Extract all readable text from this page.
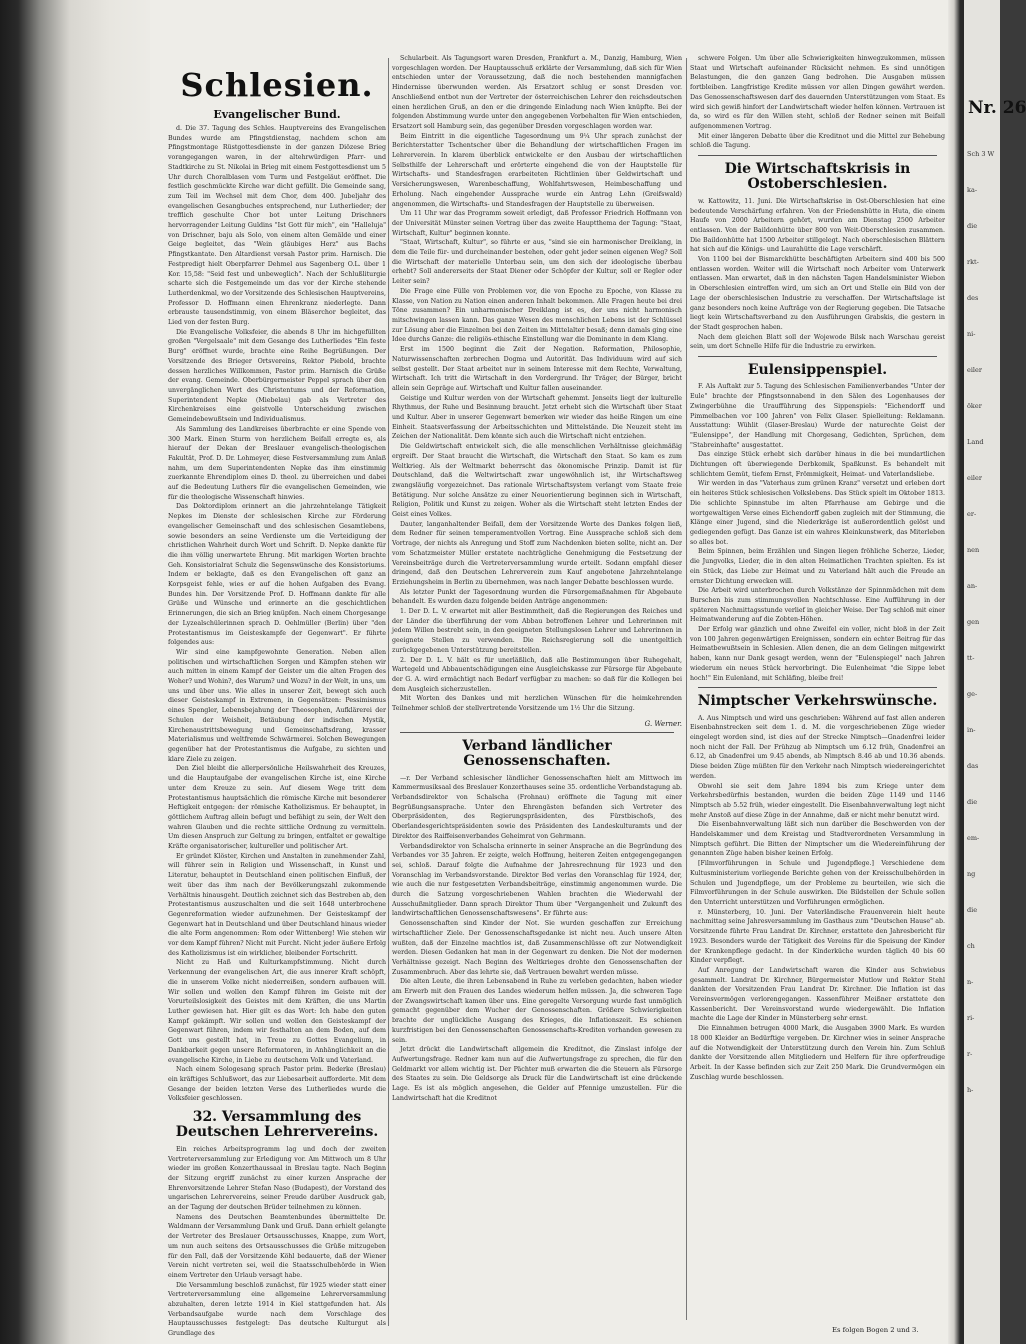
Nr. 26
Sch 3 W
ka-
die
rkt-
des
ni-
eiler
öker
Land
eiler
er-
nen
an-
gen
tt-
ge-
in-
das
die
em-
ng
die
ch
n-
ri-
r-
h-
Schlesien.
Evangelischer Bund.

d. Die 37. Tagung des Schles. Hauptvereins des Evangelischen Bundes wurde am Pfingstdienstag, nachdem schon am Pfingstmontage Rüstgottesdienste in der ganzen Diözese Brieg vorangegangen waren, in der altehrwürdigen Pfarr- und Stadtkirche zu St. Nikolai in Brieg mit einem Festgottesdienst um 5 Uhr durch Choralblasen vom Turm und Festgeläut eröffnet. Die festlich geschmückte Kirche war dicht gefüllt. Die Gemeinde sang, zum Teil im Wechsel mit dem Chor, dem 400. Jubeljahr des evangelischen Gesangbuches entsprechend, nur Lutherlieder; der trefflich geschulte Chor bot unter Leitung Drischners hervorragender Leitung Guldins "Ist Gott für mich", ein "Halleluja" von Drischner, baju als Solo, von einem alten Gemälde und einer Geige begleitet, das "Wein gläubiges Herz" aus Bachs Pfingstkantate. Den Altardienst versah Pastor prim. Harnisch. Die Festpredigt hielt Oberpfarrer Dehmel aus Sagenberg O.L. über 1 Kor. 15,58: "Seid fest und unbeweglich". Nach der Schlußliturgie scharte sich die Festgemeinde um das vor der Kirche stehende Lutherdenkmal, wo der Vorsitzende des Schlesischen Hauptvereins, Professor D. Hoffmann einen Ehrenkranz niederlegte. Dann erbrauste tausendstimmig, von einem Bläserchor begleitet, das Lied von der festen Burg.

Die Evangelische Volksfeier, die abends 8 Uhr im hichgefüllten großen "Vergelsaale" mit dem Gesange des Lutherliedes "Ein feste Burg" eröffnet wurde, brachte eine Reihe Begrüßungen. Der Vorsitzende des Brieger Ortsvereins, Rektor Piebold, brachte dessen herzliches Willkommen, Pastor prim. Harnisch die Grüße der evang. Gemeinde. Oberbürgermeister Peppel sprach über den unvergänglichen Wert des Christentums und der Reformation, Superintendent Nepke (Miebelau) gab als Vertreter des Kirchenkreises eine geistvolle Unterscheidung zwischen Gemeindebewußtsein und Individualismus.

Als Sammlung des Landkreises überbrachte er eine Spende von 300 Mark. Einen Sturm von herzlichem Beifall erregte es, als hierauf der Dekan der Breslauer evangelisch-theologischen Fakultät, Prof. D. Dr. Lohmeyer, diese Festversammlung zum Anlaß nahm, um dem Superintendenten Nepke das ihm einstimmig zuerkannte Ehrendiplom eines D. theol. zu überreichen und dabei auf die Bedeutung Luthers für die evangelischen Gemeinden, wie für die theologische Wissenschaft hinwies.

Das Doktordiplom erinnert an die jahrzehntelange Tätigkeit Nepkes im Dienste der schlesischen Kirche zur Förderung evangelischer Gemeinschaft und des schlesischen Gesamtlebens, sowie besonders an seine Verdienste um die Verteidigung der christlichen Wahrheit durch Wort und Schrift. D. Nepke dankte für die ihm völlig unerwartete Ehrung. Mit markigen Worten brachte Geh. Konsistorialrat Schulz die Segenswünsche des Konsistoriums. Indem er beklagte, daß es den Evangelischen oft ganz an Korpsgeist fehle, wies er auf die hohen Aufgaben des Evang. Bundes hin. Der Vorsitzende Prof. D. Hoffmann dankte für alle Grüße und Wünsche und erinnerte an die geschichtlichen Erinnerungen, die sich an Brieg knüpfen. Nach einem Chorgesange der Lyzealschülerinnen sprach D. Oehlmüller (Berlin) über "den Protestantismus im Geisteskampfe der Gegenwart". Er führte folgendes aus:

Wir sind eine kampfgewohnte Generation. Neben allen politischen und wirtschaftlichen Sorgen und Kämpfen stehen wir auch mitten in einem Kampf der Geister um die alten Fragen des Woher? und Wohin?, des Warum? und Wozu? in der Welt, in uns, um uns und über uns. Wie alles in unserer Zeit, bewegt sich auch dieser Geisteskampf in Extremen, in Gegensätzen: Pessimismus eines Spengler, Lebensbejahung der Theosophen, Aufklärerei der Schulen der Weisheit, Betäubung der indischen Mystik, Kirchenaustrittsbewegung und Gemeinschaftsdrang, krasser Materialismus und weltfremde Schwärmerei. Solchen Bewegungen gegenüber hat der Protestantismus die Aufgabe, zu sichten und klare Ziele zu zeigen.

Den Ziel bleibt die allerpersönliche Heilswahrheit des Kreuzes, und die Hauptaufgabe der evangelischen Kirche ist, eine Kirche unter dem Kreuze zu sein. Auf diesem Wege tritt dem Protestantismus hauptsächlich die römische Kirche mit besonderer Heftigkeit entgegen: der römische Katholizismus. Er behauptet, in göttlichem Auftrag allein befugt und befähigt zu sein, der Welt den wahren Glauben und die rechte sittliche Ordnung zu vermitteln. Um diesen Anspruch zur Geltung zu bringen, entfaltet er gewaltige Kräfte organisatorischer, kultureller und politischer Art.

Er gründet Klöster, Kirchen und Anstalten in zunehmender Zahl, will führer sein in Religion und Wissenschaft, in Kunst und Literatur, behauptet in Deutschland einen politischen Einfluß, der weit über das ihm nach der Bevölkerungszahl zukommende Verhältnis hinausgeht. Deutlich zeichnet sich das Bestreben ab, den Protestantismus auszuschalten und die seit 1648 unterbrochene Gegenreformation wieder aufzunehmen. Der Geisteskampf der Gegenwart hat in Deutschland und über Deutschland hinaus wieder die alte Form angenommen: Rom oder Wittenberg! Wie stehen wir vor dem Kampf führen? Nicht mit Furcht. Nicht jeder äußere Erfolg des Katholizismus ist ein wirklicher, bleibender Fortschritt.

Nicht zu Haß und Kulturkampfstimmung. Nicht durch Verkennung der evangelischen Art, die aus innerer Kraft schöpft, die in unserem Volke nicht niederreißen, sondern aufbauen will. Wir sollen und wollen den Kampf führen im Geiste mit der Vorurteilslosigkeit des Geistes mit dem Kräften, die uns Martin Luther gewiesen hat. Hier gilt es das Wort: Ich habe den guten Kampf gekämpft. Wir sollen und wollen den Geisteskampf der Gegenwart führen, indem wir festhalten an dem Boden, auf dem Gott uns gestellt hat, in Treue zu Gottes Evangelium, in Dankbarkeit gegen unsere Reformatoren, in Anhänglichkeit an die evangelische Kirche, in Liebe zu deutschem Volk und Vaterland.

Nach einem Sologesang sprach Pastor prim. Bederke (Breslau) ein kräftiges Schlußwort, das zur Liebesarbeit aufforderte. Mit dem Gesange der beiden letzten Verse des Lutherliedes wurde die Volksfeier geschlossen.

32. Versammlung des Deutschen Lehrervereins.

Ein reiches Arbeitsprogramm lag und doch der zweiten Vertreterversammlung zur Erledigung vor. Am Mittwoch um 8 Uhr wieder im großen Konzerthaussaal in Breslau tagte. Nach Beginn der Sitzung ergriff zunächst zu einer kurzen Ansprache der Ehrenvorsitzende Lehrer Stefan Naso (Budapest), der Vorstand des ungarischen Lehrervereins, seiner Freude darüber Ausdruck gab, an der Tagung der deutschen Brüder teilnehmen zu können.

Namens des Deutschen Beamtenbundes übermittelte Dr. Waldmann der Versammlung Dank und Gruß. Dann erhielt gelangte der Vertreter des Breslauer Ortsausschusses, Knappe, zum Wort, um nun auch seitens des Ortsausschusses die Grüße mitzugeben für den Fall, daß der Vorsitzende Köhl bedauerte, daß der Wiener Verein nicht vertreten sei, weil die Staatsschulbehörde in Wien einem Vertreter den Urlaub versagt habe.

Die Versammlung beschloß zunächst, für 1925 wieder statt einer Vertreterversammlung eine allgemeine Lehrerversammlung abzuhalten, deren letzte 1914 in Kiel stattgefunden hat. Als Verbandsaufgabe wurde nach dem Vorschlage des Hauptausschusses festgelegt: Das deutsche Kulturgut als Grundlage des

Schularbeit. Als Tagungsort waren Dresden, Frankfurt a. M., Danzig, Hamburg, Wien vorgeschlagen worden. Der Hauptausschuß erklärte der Versammlung, daß sich für Wien entschieden unter der Voraussetzung, daß die noch bestehenden mannigfachen Hindernisse überwunden werden. Als Ersatzort schlug er sonst Dresden vor. Anschließend entbot nun der Vertreter der österreichischen Lehrer den reichsdeutschen einen herzlichen Gruß, an den er die dringende Einladung nach Wien knüpfte. Bei der folgenden Abstimmung wurde unter den angegebenen Vorbehalten für Wien entschieden, Ersatzort soll Hamburg sein, das gegenüber Dresden vorgeschlagen worden war.

Beim Eintritt in die eigentliche Tagesordnung um 9¼ Uhr sprach zunächst der Berichterstatter Tschentscher über die Behandlung der wirtschaftlichen Fragen im Lehrerverein. In klarem überblick entwickelte er den Ausbau der wirtschaftlichen Selbsthilfe der Lehrerschaft und erörterte eingehend die von der Hauptstelle für Wirtschafts- und Standesfragen erarbeiteten Richtlinien über Geldwirtschaft und Versicherungswesen, Warenbeschaffung, Wohlfahrtswesen, Heimbeschaffung und Erholung. Nach eingehender Aussprache wurde ein Antrag Lehn (Greifswald) angenommen, die Wirtschafts- und Standesfragen der Hauptstelle zu überweisen.

Um 11 Uhr war das Programm soweit erledigt, daß Professor Friedrich Hoffmann von der Universität Münster seinen Vortrag über das zweite Hauptthema der Tagung: "Staat, Wirtschaft, Kultur" beginnen konnte.

"Staat, Wirtschaft, Kultur", so führte er aus, "sind sie ein harmonischer Dreiklang, in dem die Teile für- und durcheinander bestehen, oder geht jeder seinen eigenen Weg? Soll die Wirtschaft der materielle Unterbau sein, um den sich der ideologische überbau erhebt? Soll andererseits der Staat Diener oder Schöpfer der Kultur, soll er Regler oder Leiter sein?

Die Frage eine Fülle von Problemen vor, die von Epoche zu Epoche, von Klasse zu Klasse, von Nation zu Nation einen anderen Inhalt bekommen. Alle Fragen heute bei drei Töne zusammen? Ein unharmonischer Dreiklang ist es, der uns nicht harmonisch mitschwingen lassen kann. Das ganze Wesen des menschlichen Lebens ist der Schlüssel zur Lösung aber die Einzelnen bei den Zeiten im Mittelalter besaß; denn damals ging eine Idee durchs Ganze: die religiös-ethische Einstellung war die Dominante in dem Klang.

Erst im 1500 beginnt die Zeit der Negation. Reformation, Philosophie, Naturwissenschaften zerbrechen Dogma und Autorität. Das Individuum wird auf sich selbst gestellt. Der Staat arbeitet nur in seinem Interesse mit dem Rechte, Verwaltung, Wirtschaft. Ich tritt die Wirtschaft in den Vordergrund. Ihr Träger, der Bürger, bricht allein sein Gepräge auf. Wirtschaft und Kultur fallen auseinander.

Geistige und Kultur werden von der Wirtschaft gehemmt. Jenseits liegt der kulturelle Rhythmus, der Ruhe und Besinnung braucht. Jetzt erhebt sich die Wirtschaft über Staat und Kultur. Aber in unserer Gegenwart bemerken wir wieder das heiße Ringen um eine Einheit. Staatsverfassung der Arbeitsschichten und Mittelstände. Die Neuzeit steht im Zeichen der Nationalität. Dem könnte sich auch die Wirtschaft nicht entziehen.

Die Geldwirtschaft entwickelt sich, die alle menschlichen Verhältnisse gleichmäßig ergreift. Der Staat braucht die Wirtschaft, die Wirtschaft den Staat. So kam es zum Weltkrieg. Als der Weltmarkt beherrscht das ökonomische Prinzip. Damit ist für Deutschland, daß die Weltwirtschaft zwar ungewöhnlich ist, ihr Wirtschaftsweg zwangsläufig vorgezeichnet. Das rationale Wirtschaftsystem verlangt vom Staate freie Betätigung. Nur solche Ansätze zu einer Neuorientierung beginnen sich in Wirtschaft, Religion, Politik und Kunst zu zeigen. Woher als die Wirtschaft steht letzten Endes der Geist eines Volkes.

Dauter, langanhaltender Beifall, dem der Vorsitzende Worte des Dankes folgen ließ, dem Redner für seinen temperamentvollen Vortrag. Eine Aussprache schloß sich dem Vortrage, der nichts als Anregung und Stoff zum Nachdenken bieten sollte, nicht an. Der vom Schatzmeister Müller erstatete nachträgliche Genehmigung die Festsetzung der Vereinsbeiträge durch die Vertreterversammlung wurde erteilt. Sodann empfahl dieser dringend, daß den Deutschen Lehrerverein zum Kauf angebotene Jahrzehntelange Erziehungsheim in Berlin zu übernehmen, was nach langer Debatte beschlossen wurde.

Als letzter Punkt der Tagesordnung wurden die Fürsorgemaßnahmen für Abgebaute behandelt. Es wurden dazu folgende beiden Anträge angenommen:

1. Der D. L. V. erwartet mit aller Bestimmtheit, daß die Regierungen des Reiches und der Länder die überführung der vom Abbau betroffenen Lehrer und Lehrerinnen mit jedem Willen bestrebt sein, in den geeigneten Stellungslosen Lehrer und Lehrerinnen in geeignete Stellen zu verwenden. Die Reichsregierung soll die unentgeltlich zurückgegebenen Unterstützung bereitstellen.

2. Der D. L. V. hält es für unerläßlich, daß alle Bestimmungen über Ruhegehalt, Wartegeld und Abbauentschädigungen eine Ausgleichskasse zur Fürsorge für Abgebaute der G. A. wird ermächtigt nach Bedarf verfügbar zu machen: so daß für die Kollegen bei dem Ausgleich sicherzustellen.

Mit Worten des Dankes und mit herzlichen Wünschen für die heimkehrenden Teilnehmer schloß der stellvertretende Vorsitzende um 1½ Uhr die Sitzung.

G. Werner.
Verband ländlicher Genossenschaften.

—r. Der Verband schlesischer ländlicher Genossenschaften hielt am Mittwoch im Kammermusiksaal des Breslauer Konzerthauses seine 35. ordentliche Verbandstagung ab. Verbandsdirektor von Schalscha (Frohnau) eröffnete die Tagung mit einer Begrüßungsansprache. Unter den Ehrengästen befanden sich Vertreter des Oberpräsidenten, des Regierungspräsidenten, des Fürstbischofs, des Oberlandesgerichtspräsidenten sowie des Präsidenten des Landeskulturamts und der Direktor des Raiffeisenverbandes Geheimrat von Gehrmann.

Verbandsdirektor von Schalscha erinnerte in seiner Ansprache an die Begründung des Verbandes vor 35 Jahren. Er zeigte, welch Hoffnung, heiteren Zeiten entgegengegangen sei, schloß. Darauf folgte die Aufnahme der Jahresrechnung für 1923 und den Voranschlag im Verbandsvorstande. Direktor Bed verlas den Voranschlag für 1924, der, wie auch die nur festgesetzten Verbandsbeiträge, einstimmig angenommen wurde. Die durch die Satzung vorgeschriebenen Wahlen brachten die Wiederwahl der Ausschußmitglieder. Dann sprach Direktor Thum über "Vergangenheit und Zukunft des landwirtschaftlichen Genossenschaftswesens". Er führte aus:

Genossenschaften sind Kinder der Not. Sie wurden geschaffen zur Erreichung wirtschaftlicher Ziele. Der Genossenschaftsgedanke ist nicht neu. Auch unsere Alten wußten, daß der Einzelne machtlos ist, daß Zusammenschlüsse oft zur Notwendigkeit werden. Diesen Gedanken hat man in der Gegenwart zu denken. Die Not der modernen Verhältnisse gezeigt. Nach Beginn des Weltkrieges drohte den Genossenschaften der Zusammenbruch. Aber das lehrte sie, daß Vertrauen bewahrt werden müsse.

Die alten Leute, die ihren Lebensabend in Ruhe zu verleben gedachten, haben wieder am Erwerb mit den Frauen des Landes wiederum helfen müssen. Ja, die schweren Tage der Zwangswirtschaft kamen über uns. Eine geregelte Versorgung wurde fast unmöglich gemacht gegenüber dem Wucher der Genossenschaften. Größere Schwierigkeiten brachte der unglückliche Ausgang des Krieges, die Inflationszeit. Es schienen kurzfristigen bei den Genossenschaften Genossenschafts-Krediten vorhanden gewesen zu sein.

Jetzt drückt die Landwirtschaft allgemein die Kreditnot, die Zinslast infolge der Aufwertungsfrage. Redner kam nun auf die Aufwertungsfrage zu sprechen, die für den Geldmarkt vor allem wichtig ist. Der Pächter muß erwarten die die Steuern als Fürsorge des Staates zu sein. Die Geldsorge als Druck für die Landwirtschaft ist eine drückende Lage. Es ist als möglich angesehen, die Gelder auf Pfennige umzustellen. Für die Landwirtschaft hat die Kreditnot

schwere Folgen. Um über alle Schwierigkeiten hinwegzukommen, müssen Staat und Wirtschaft aufeinander Rücksicht nehmen. Es sind unnötigen Belastungen, die den ganzen Gang bedrohen. Die Ausgaben müssen fortbleiben. Langfristige Kredite müssen vor allen Dingen gewährt werden. Das Genossenschaftswesen darf des dauernden Unterstützungen vom Staat. Es wird sich gewiß hinfort der Landwirtschaft wieder helfen können. Vertrauen ist da, so wird es für den Willen steht, schloß der Redner seinen mit Beifall aufgenommenen Vortrag.

Mit einer längeren Debatte über die Kreditnot und die Mittel zur Behebung schloß die Tagung.

Die Wirtschaftskrisis in Ostoberschlesien.

w. Kattowitz, 11. Juni. Die Wirtschaftskrise in Ost-Oberschlesien hat eine bedeutende Verschärfung erfahren. Von der Friedenshütte in Huta, die einem Haufe von 2000 Arbeitern gehört, wurden am Dienstag 2500 Arbeiter entlassen. Von der Baildonhütte über 800 von Weit-Oberschlesien zusammen. Die Baildonhütte hat 1500 Arbeiter stillgelegt. Nach oberschlesischen Blättern hat sich auf die Königs- und Laurahütte die Lage verschärft.

Von 1100 bei der Bismarckhütte beschäftigten Arbeitern sind 400 bis 500 entlassen worden. Weiter will die Wirtschaft noch Arbeiter vom Unterwerk entlassen. Man erwartet, daß in den nächsten Tagen Handelsminister Wiebon in Oberschlesien eintreffen wird, um sich an Ort und Stelle ein Bild von der Lage der oberschlesischen Industrie zu verschaffen. Der Wirtschaftslage ist ganz besonders noch keine Aufträge von der Regierung gegeben. Die Tatsache liegt kein Wirtschaftsverband zu den Ausführungen Grabskis, die gestern in der Stadt gesprochen haben.

Nach dem gleichen Blatt soll der Wojewode Bilsk nach Warschau gereist sein, um dort Schnelle Hilfe für die Industrie zu erwirken.

Eulensippenspiel.

F. Als Auftakt zur 5. Tagung des Schlesischen Familienverbandes "Unter der Eule" brachte der Pfingstsonnabend in den Sälen des Logenhauses der Zwingerbühne die Uraufführung des Sippenspiels: "Eichendorff und Pimmelbachen vor 100 Jahren" von Felix Glaser. Spielleitung: Reklamann. Ausstattung: Wühlit (Glaser-Breslau) Wurde der naturechte Geist der "Eulensippe", der Handlung mit Chorgesang, Gedichten, Sprüchen, dem "Stabreinhafte" ausgestattet.

Das einzige Stück erhebt sich darüber hinaus in die bei mundartlichen Dichtungen oft überwiegende Derbkomik, Spaßkunst. Es behandelt mit schlichtem Gemüt, tiefem Ernst, Frömmigkeit, Heimat- und Vaterlandsliebe.

Wir werden in das "Vaterhaus zum grünen Kranz" versetzt und erleben dort ein heiteres Stück schlesischen Volkslebens. Das Stück spielt im Oktober 1813. Die schlichte Spinnstube im alten Pfarrhause am Gebirge und die wortgewaltigen Verse eines Eichendorff gaben zugleich mit der Stimmung, die Klänge einer Jugend, sind die Niederkräge ist außerordentlich gelöst und gediegenden gefügt. Das Ganze ist ein wahres Kleinkunstwerk, das Miterleben so alles bot.

Beim Spinnen, beim Erzählen und Singen liegen fröhliche Scherze, Lieder, die Jungvolks, Lieder, die in den alten Heimatlichen Trachten spielten. Es ist ein Stück, das Liebe zur Heimat und zu Vaterland hält auch die Freude an ernster Dichtung erwecken will.

Die Arbeit wird unterbrochen durch Volkstänze der Spinnmädchen mit dem Burschen bis zum stimmungsvollen Nachtschlusse. Eine Aufführung in der späteren Nachmittagsstunde verlief in gleicher Weise. Der Tag schloß mit einer Heimatwanderung auf die Zobten-Höhen.

Der Erfolg war gänzlich und ohne Zweifel ein voller, nicht bloß in der Zeit von 100 Jahren gegenwärtigen Ereignissen, sondern ein echter Beitrag für das Heimatbewußtsein in Schlesien. Allen denen, die an dem Gelingen mitgewirkt haben, kann nur Dank gesagt werden, wenn der "Eulenspiegel" nach Jahren wiederum ein neues Stück hervorbringt. Die Eulenheimat "die Sippe lebet hoch!" Ein Eulenland, mit Schläfing, bleibe frei!

Nimptscher Verkehrswünsche.

A. Aus Nimptsch und wird uns geschrieben: Während auf fast allen anderen Eisenbahnstrecken seit dem 1. d. M. die vorgeschriebenen Züge wieder eingelegt worden sind, ist dies auf der Strecke Nimptsch—Gnadenfrei leider noch nicht der Fall. Der Frühzug ab Nimptsch um 6.12 früh, Gnadenfrei an 6.12, ab Gnadenfrei um 9.45 abends, ab Nimptsch 8.46 ab und 10.36 abends. Diese beiden Züge müßten für den Verkehr nach Nimptsch wiedereingerichtet werden.

Obwohl sie seit dem Jahre 1894 bis zum Kriege unter dem Verkehrsbedürfnis bestanden, wurden die beiden Züge 1149 und 1146 Nimptsch ab 5.52 früh, wieder eingestellt. Die Eisenbahnverwaltung legt nicht mehr Anstoß auf diese Züge in der Annahme, daß er nicht mehr benutzt wird.

Die Eisenbahnverwaltung läßt sich nun darüber die Beschwerden von der Handelskammer und dem Kreistag und Stadtverordneten Versammlung in Nimptsch geführt. Die Bitten der Nimptscher um die Wiedereinführung der genannten Züge haben bisher keinen Erfolg.

[Filmvorführungen in Schule und Jugendpflege.] Verschiedene dem Kultusministerium vorliegende Berichte gehen von der Kreisschulbehörden in Schulen und Jugendpflege, um der Probleme zu beurteilen, wie sich die Filmvorführungen in der Schule auswirken. Die Bildstellen der Schule sollen den Unterricht unterstützen und Vorführungen ermöglichen.

r. Münsterberg, 10. Juni. Der Vaterländische Frauenverein hielt heute nachmittag seine Jahresversammlung im Gasthaus zum "Deutschen Hause" ab. Vorsitzende führte Frau Landrat Dr. Kirchner, erstattete den Jahresbericht für 1923. Besonders wurde der Tätigkeit des Vereins für die Speisung der Kinder der Krankenpflege gedacht. In der Kinderküche wurden täglich 40 bis 60 Kinder verpflegt.

Auf Anregung der Landwirtschaft waren die Kinder aus Schwiebus gesammelt. Landrat Dr. Kirchner, Bürgermeister Mutlow und Rektor Stehl dankten der Vorsitzenden Frau Landrat Dr. Kirchner. Die Inflation ist das Vereinsvermögen verlorengegangen. Kassenführer Meißner erstattete den Kassenbericht. Der Vereinsvorstand wurde wiedergewählt. Die Inflation machte die Lage der Kinder in Münsterberg sehr ernst.

Die Einnahmen betrugen 4000 Mark, die Ausgaben 3900 Mark. Es wurden 18 000 Kleider an Bedürftige vergeben. Dr. Kirchner wies in seiner Ansprache auf die Notwendigkeit der Unterstützung durch den Verein hin. Zum Schluß dankte der Vorsitzende allen Mitgliedern und Helfern für ihre opferfreudige Arbeit. In der Kasse befinden sich zur Zeit 250 Mark. Die Grundvermögen ein Zuschlag wurde beschlossen.

Es folgen Bogen 2 und 3.
